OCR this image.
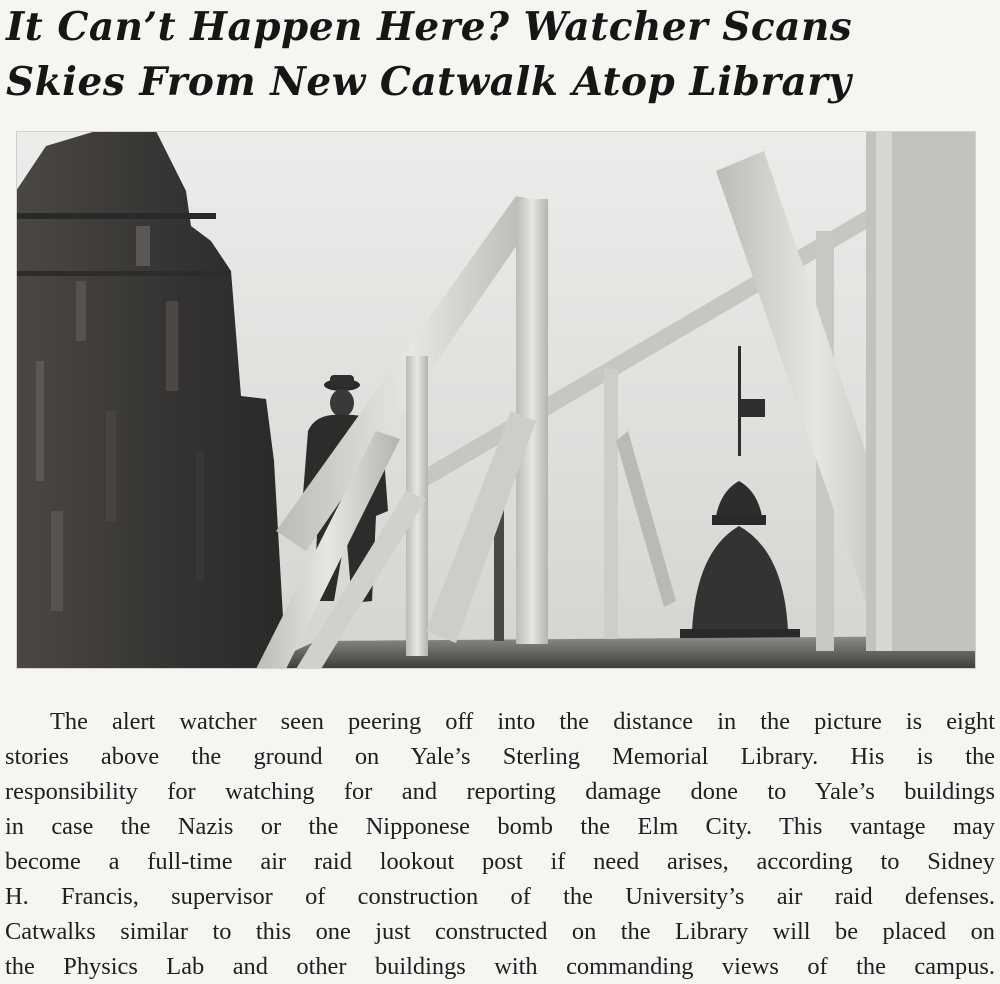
It Can’t Happen Here? Watcher Scans
Skies From New Catwalk Atop Library

The alert watcher seen peering off into the distance in the picture is eight
stories above the ground on Yale’s Sterling Memorial Library. His is the
responsibility for watching for and reporting damage done to Yale’s buildings
in case the Nazis or the Nipponese bomb the Elm City. This vantage may
become a full-time air raid lookout post if need arises, according to Sidney
H. Francis, supervisor of construction of the University’s air raid defenses.
Catwalks similar to this one just constructed on the Library will be placed on
the Physics Lab and other buildings with commanding views of the campus.
